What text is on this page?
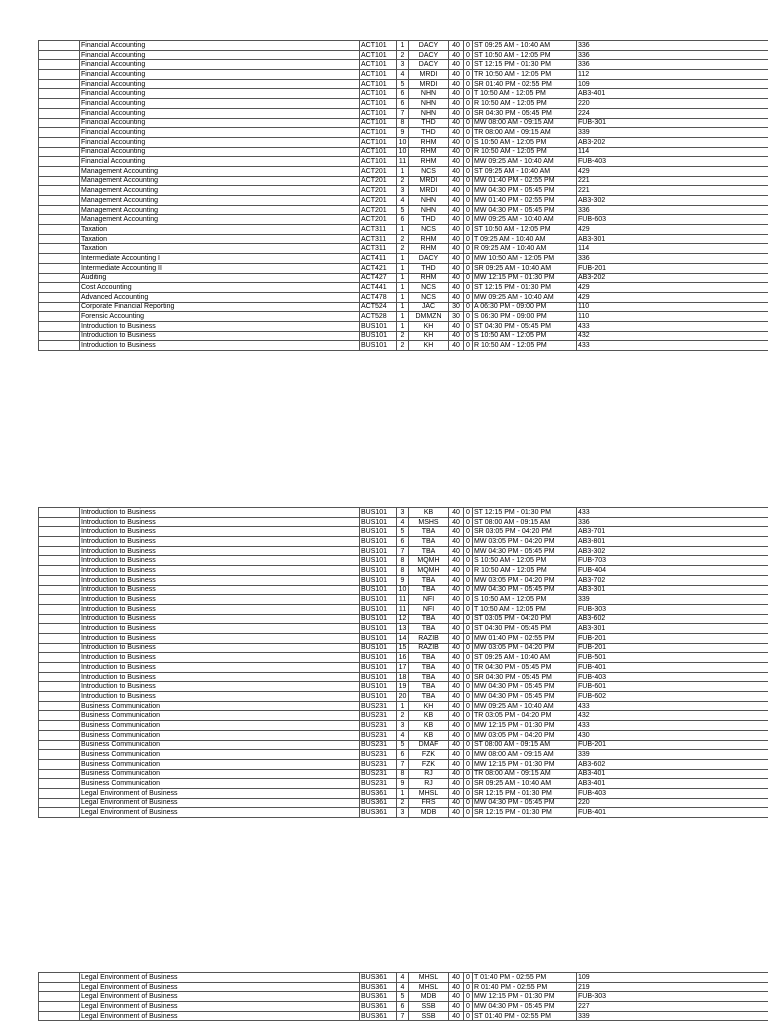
	Financial Accounting	ACT101	1	DACY	40	0	ST 09:25 AM - 10:40 AM	336
	Financial Accounting	ACT101	2	DACY	40	0	ST 10:50 AM - 12:05 PM	336
	Financial Accounting	ACT101	3	DACY	40	0	ST 12:15 PM - 01:30 PM	336
	Financial Accounting	ACT101	4	MRDI	40	0	TR 10:50 AM - 12:05 PM	112
	Financial Accounting	ACT101	5	MRDI	40	0	SR 01:40 PM - 02:55 PM	109
	Financial Accounting	ACT101	6	NHN	40	0	T 10:50 AM - 12:05 PM	AB3-401
	Financial Accounting	ACT101	6	NHN	40	0	R 10:50 AM - 12:05 PM	220
	Financial Accounting	ACT101	7	NHN	40	0	SR 04:30 PM - 05:45 PM	224
	Financial Accounting	ACT101	8	THD	40	0	MW 08:00 AM - 09:15 AM	FUB-301
	Financial Accounting	ACT101	9	THD	40	0	TR 08:00 AM - 09:15 AM	339
	Financial Accounting	ACT101	10	RHM	40	0	S 10:50 AM - 12:05 PM	AB3-202
	Financial Accounting	ACT101	10	RHM	40	0	R 10:50 AM - 12:05 PM	114
	Financial Accounting	ACT101	11	RHM	40	0	MW 09:25 AM - 10:40 AM	FUB-403
	Management Accounting	ACT201	1	NCS	40	0	ST 09:25 AM - 10:40 AM	429
	Management Accounting	ACT201	2	MRDI	40	0	MW 01:40 PM - 02:55 PM	221
	Management Accounting	ACT201	3	MRDI	40	0	MW 04:30 PM - 05:45 PM	221
	Management Accounting	ACT201	4	NHN	40	0	MW 01:40 PM - 02:55 PM	AB3-302
	Management Accounting	ACT201	5	NHN	40	0	MW 04:30 PM - 05:45 PM	336
	Management Accounting	ACT201	6	THD	40	0	MW 09:25 AM - 10:40 AM	FUB-603
	Taxation	ACT311	1	NCS	40	0	ST 10:50 AM - 12:05 PM	429
	Taxation	ACT311	2	RHM	40	0	T 09:25 AM - 10:40 AM	AB3-301
	Taxation	ACT311	2	RHM	40	0	R 09:25 AM - 10:40 AM	114
	Intermediate Accounting I	ACT411	1	DACY	40	0	MW 10:50 AM - 12:05 PM	336
	Intermediate Accounting II	ACT421	1	THD	40	0	SR 09:25 AM - 10:40 AM	FUB-201
	Auditing	ACT427	1	RHM	40	0	MW 12:15 PM - 01:30 PM	AB3-202
	Cost Accounting	ACT441	1	NCS	40	0	ST 12:15 PM - 01:30 PM	429
	Advanced Accounting	ACT478	1	NCS	40	0	MW 09:25 AM - 10:40 AM	429
	Corporate Financial Reporting	ACT524	1	JAC	30	0	A 06:30 PM - 09:00 PM	110
	Forensic Accounting	ACT528	1	DMMZN	30	0	S 06:30 PM - 09:00 PM	110
	Introduction to Business	BUS101	1	KH	40	0	ST 04:30 PM - 05:45 PM	433
	Introduction to Business	BUS101	2	KH	40	0	S 10:50 AM - 12:05 PM	432
	Introduction to Business	BUS101	2	KH	40	0	R 10:50 AM - 12:05 PM	433
	Introduction to Business	BUS101	3	KB	40	0	ST 12:15 PM - 01:30 PM	433
	Introduction to Business	BUS101	4	MSHS	40	0	ST 08:00 AM - 09:15 AM	336
	Introduction to Business	BUS101	5	TBA	40	0	SR 03:05 PM - 04:20 PM	AB3-701
	Introduction to Business	BUS101	6	TBA	40	0	MW 03:05 PM - 04:20 PM	AB3-801
	Introduction to Business	BUS101	7	TBA	40	0	MW 04:30 PM - 05:45 PM	AB3-302
	Introduction to Business	BUS101	8	MQMH	40	0	S 10:50 AM - 12:05 PM	FUB-703
	Introduction to Business	BUS101	8	MQMH	40	0	R 10:50 AM - 12:05 PM	FUB-404
	Introduction to Business	BUS101	9	TBA	40	0	MW 03:05 PM - 04:20 PM	AB3-702
	Introduction to Business	BUS101	10	TBA	40	0	MW 04:30 PM - 05:45 PM	AB3-301
	Introduction to Business	BUS101	11	NFI	40	0	S 10:50 AM - 12:05 PM	339
	Introduction to Business	BUS101	11	NFI	40	0	T 10:50 AM - 12:05 PM	FUB-303
	Introduction to Business	BUS101	12	TBA	40	0	ST 03:05 PM - 04:20 PM	AB3-602
	Introduction to Business	BUS101	13	TBA	40	0	ST 04:30 PM - 05:45 PM	AB3-301
	Introduction to Business	BUS101	14	RAZIB	40	0	MW 01:40 PM - 02:55 PM	FUB-201
	Introduction to Business	BUS101	15	RAZIB	40	0	MW 03:05 PM - 04:20 PM	FUB-201
	Introduction to Business	BUS101	16	TBA	40	0	ST 09:25 AM - 10:40 AM	FUB-501
	Introduction to Business	BUS101	17	TBA	40	0	TR 04:30 PM - 05:45 PM	FUB-401
	Introduction to Business	BUS101	18	TBA	40	0	SR 04:30 PM - 05:45 PM	FUB-403
	Introduction to Business	BUS101	19	TBA	40	0	MW 04:30 PM - 05:45 PM	FUB-601
	Introduction to Business	BUS101	20	TBA	40	0	MW 04:30 PM - 05:45 PM	FUB-602
	Business Communication	BUS231	1	KH	40	0	MW 09:25 AM - 10:40 AM	433
	Business Communication	BUS231	2	KB	40	0	TR 03:05 PM - 04:20 PM	432
	Business Communication	BUS231	3	KB	40	0	MW 12:15 PM - 01:30 PM	433
	Business Communication	BUS231	4	KB	40	0	MW 03:05 PM - 04:20 PM	430
	Business Communication	BUS231	5	DMAF	40	0	ST 08:00 AM - 09:15 AM	FUB-201
	Business Communication	BUS231	6	FZK	40	0	MW 08:00 AM - 09:15 AM	339
	Business Communication	BUS231	7	FZK	40	0	MW 12:15 PM - 01:30 PM	AB3-602
	Business Communication	BUS231	8	RJ	40	0	TR 08:00 AM - 09:15 AM	AB3-401
	Business Communication	BUS231	9	RJ	40	0	SR 09:25 AM - 10:40 AM	AB3-401
	Legal Environment of Business	BUS361	1	MHSL	40	0	SR 12:15 PM - 01:30 PM	FUB-403
	Legal Environment of Business	BUS361	2	FRS	40	0	MW 04:30 PM - 05:45 PM	220
	Legal Environment of Business	BUS361	3	MDB	40	0	SR 12:15 PM - 01:30 PM	FUB-401
	Legal Environment of Business	BUS361	4	MHSL	40	0	T 01:40 PM - 02:55 PM	109
	Legal Environment of Business	BUS361	4	MHSL	40	0	R 01:40 PM - 02:55 PM	219
	Legal Environment of Business	BUS361	5	MDB	40	0	MW 12:15 PM - 01:30 PM	FUB-303
	Legal Environment of Business	BUS361	6	SSB	40	0	MW 04:30 PM - 05:45 PM	227
	Legal Environment of Business	BUS361	7	SSB	40	0	ST 01:40 PM - 02:55 PM	339
